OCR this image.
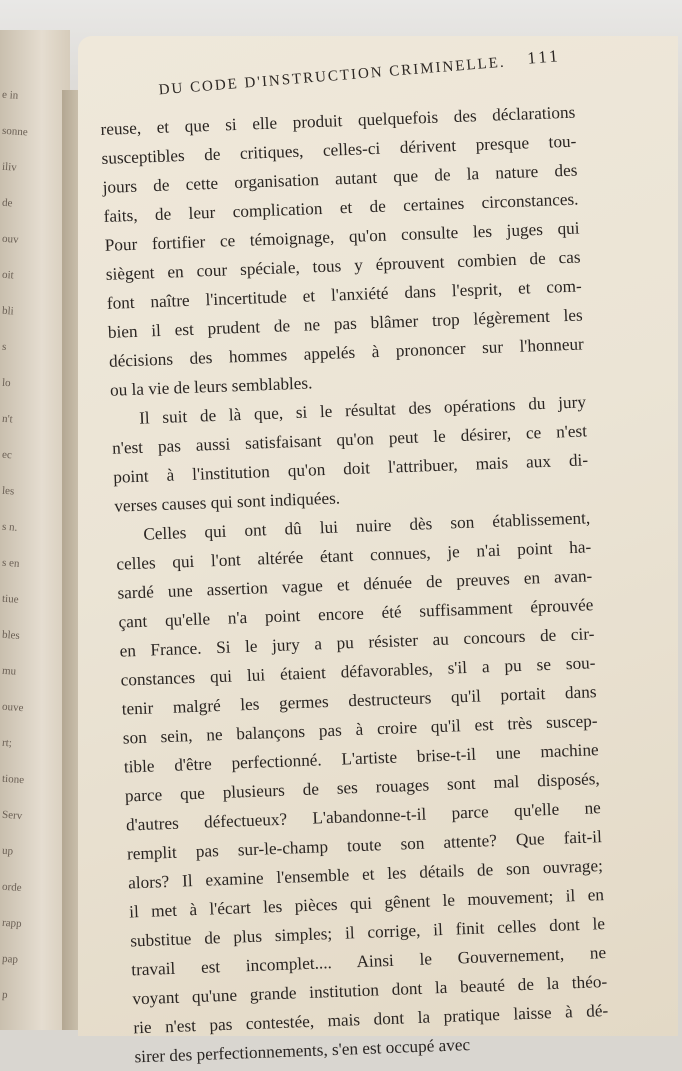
e in
sonne
iliv
de
ouv
oit
bli
s
lo
n't
ec
les
s n.
s en
tiue
bles
mu
ouve
rt;
tione
Serv
up
orde
rapp
pap
p
DU CODE D'INSTRUCTION CRIMINELLE. 111
reuse, et que si elle produit quelquefois des déclarations
susceptibles de critiques, celles-ci dérivent presque tou-
jours de cette organisation autant que de la nature des
faits, de leur complication et de certaines circonstances.
Pour fortifier ce témoignage, qu'on consulte les juges qui
siègent en cour spéciale, tous y éprouvent combien de cas
font naître l'incertitude et l'anxiété dans l'esprit, et com-
bien il est prudent de ne pas blâmer trop légèrement les
décisions des hommes appelés à prononcer sur l'honneur
ou la vie de leurs semblables.
Il suit de là que, si le résultat des opérations du jury
n'est pas aussi satisfaisant qu'on peut le désirer, ce n'est
point à l'institution qu'on doit l'attribuer, mais aux di-
verses causes qui sont indiquées.
Celles qui ont dû lui nuire dès son établissement,
celles qui l'ont altérée étant connues, je n'ai point ha-
sardé une assertion vague et dénuée de preuves en avan-
çant qu'elle n'a point encore été suffisamment éprouvée
en France. Si le jury a pu résister au concours de cir-
constances qui lui étaient défavorables, s'il a pu se sou-
tenir malgré les germes destructeurs qu'il portait dans
son sein, ne balançons pas à croire qu'il est très suscep-
tible d'être perfectionné. L'artiste brise-t-il une machine
parce que plusieurs de ses rouages sont mal disposés,
d'autres défectueux? L'abandonne-t-il parce qu'elle ne
remplit pas sur-le-champ toute son attente? Que fait-il
alors? Il examine l'ensemble et les détails de son ouvrage;
il met à l'écart les pièces qui gênent le mouvement; il en
substitue de plus simples; il corrige, il finit celles dont le
travail est incomplet.... Ainsi le Gouvernement, ne
voyant qu'une grande institution dont la beauté de la théo-
rie n'est pas contestée, mais dont la pratique laisse à dé-
sirer des perfectionnements, s'en est occupé avec
